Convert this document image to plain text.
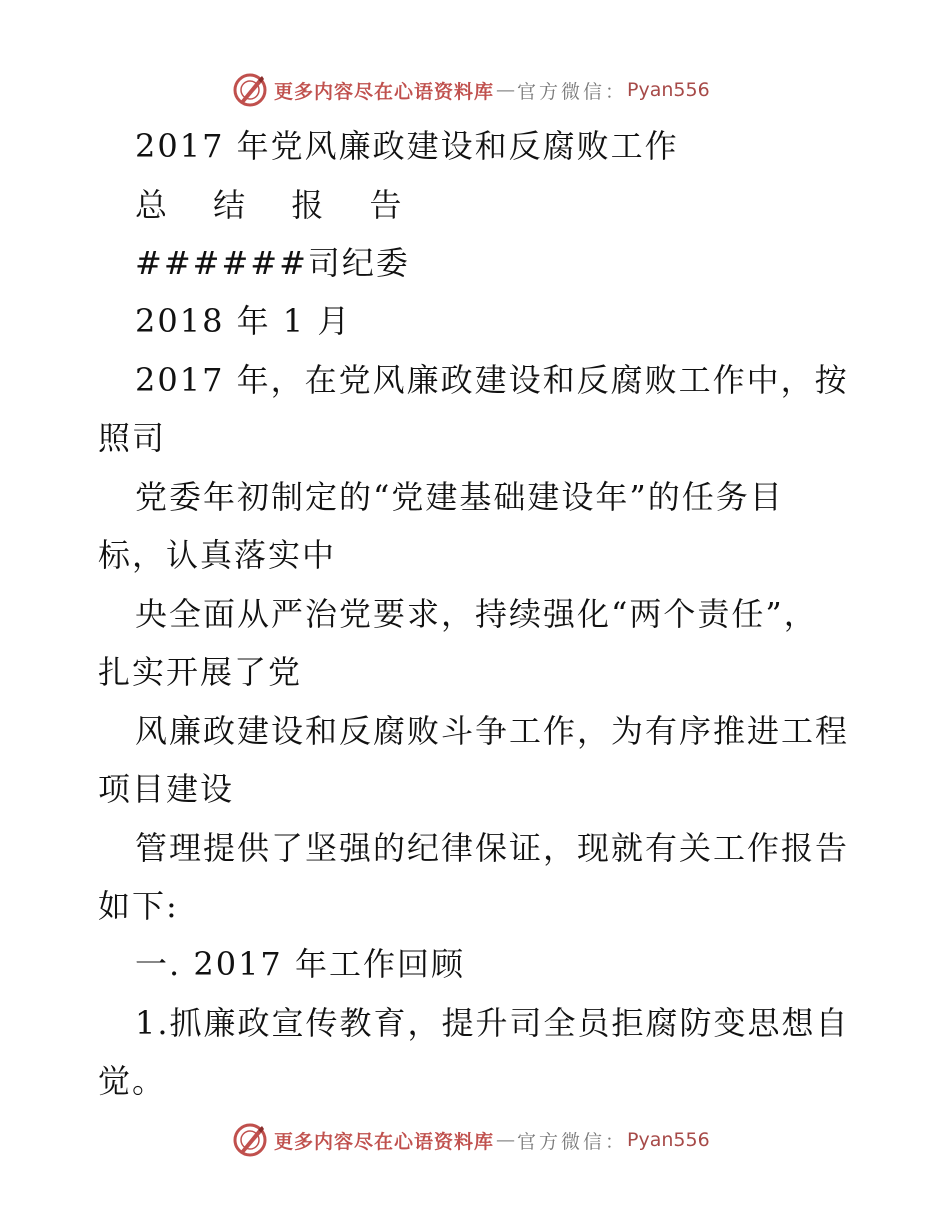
更多内容尽在心语资料库 — 官方微信： Pyan556
2017 年党风廉政建设和反腐败工作
总 结 报 告
######司纪委
2018 年 1 月
2017 年，在党风廉政建设和反腐败工作中，按
照司
党委年初制定的“党建基础建设年”的任务目
标，认真落实中
央全面从严治党要求，持续强化“两个责任”，
扎实开展了党
风廉政建设和反腐败斗争工作，为有序推进工程
项目建设
管理提供了坚强的纪律保证，现就有关工作报告
如下:
一. 2017 年工作回顾
1.抓廉政宣传教育，提升司全员拒腐防变思想自
觉。
更多内容尽在心语资料库 — 官方微信： Pyan556
